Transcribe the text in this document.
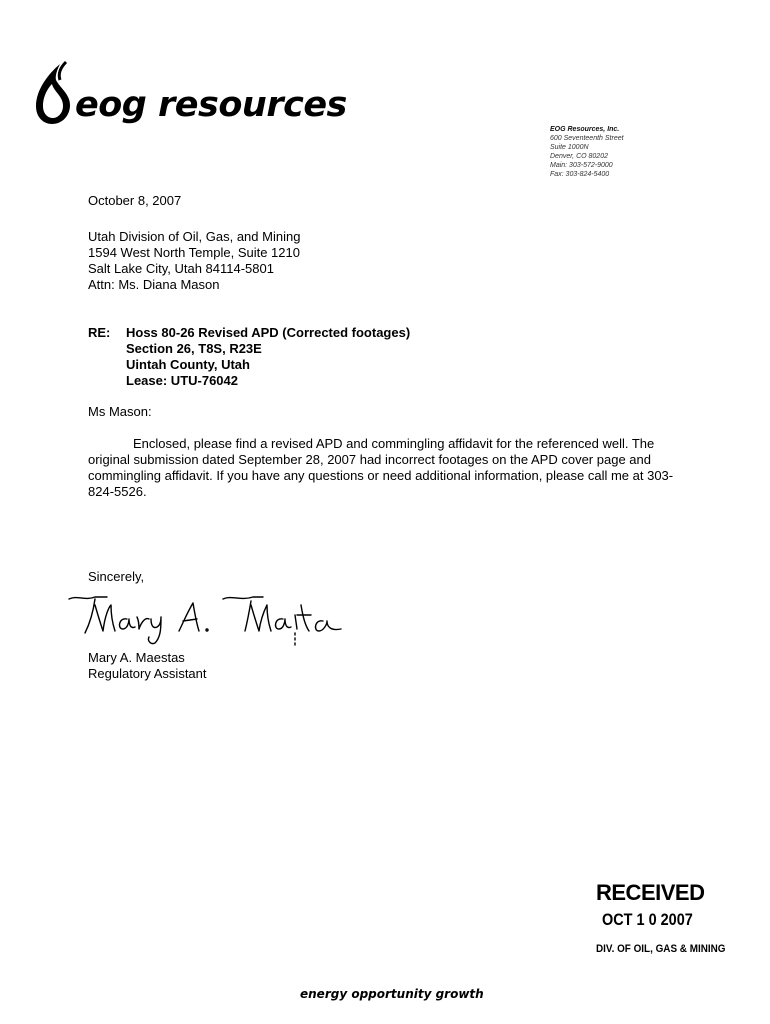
eog resources
EOG Resources, Inc.
600 Seventeenth Street
Suite 1000N
Denver, CO 80202
Main: 303-572-9000
Fax: 303-824-5400
October 8, 2007
Utah Division of Oil, Gas, and Mining
1594 West North Temple, Suite 1210
Salt Lake City, Utah 84114-5801
Attn: Ms. Diana Mason
RE: Hoss 80-26 Revised APD (Corrected footages)
Section 26, T8S, R23E
Uintah County, Utah
Lease: UTU-76042
Ms Mason:
Enclosed, please find a revised APD and commingling affidavit for the referenced well. The original submission dated September 28, 2007 had incorrect footages on the APD cover page and commingling affidavit. If you have any questions or need additional information, please call me at 303-824-5526.
Sincerely,
Mary A. Maestas
Regulatory Assistant
RECEIVED
OCT 1 0 2007
DIV. OF OIL, GAS & MINING
energy opportunity growth
